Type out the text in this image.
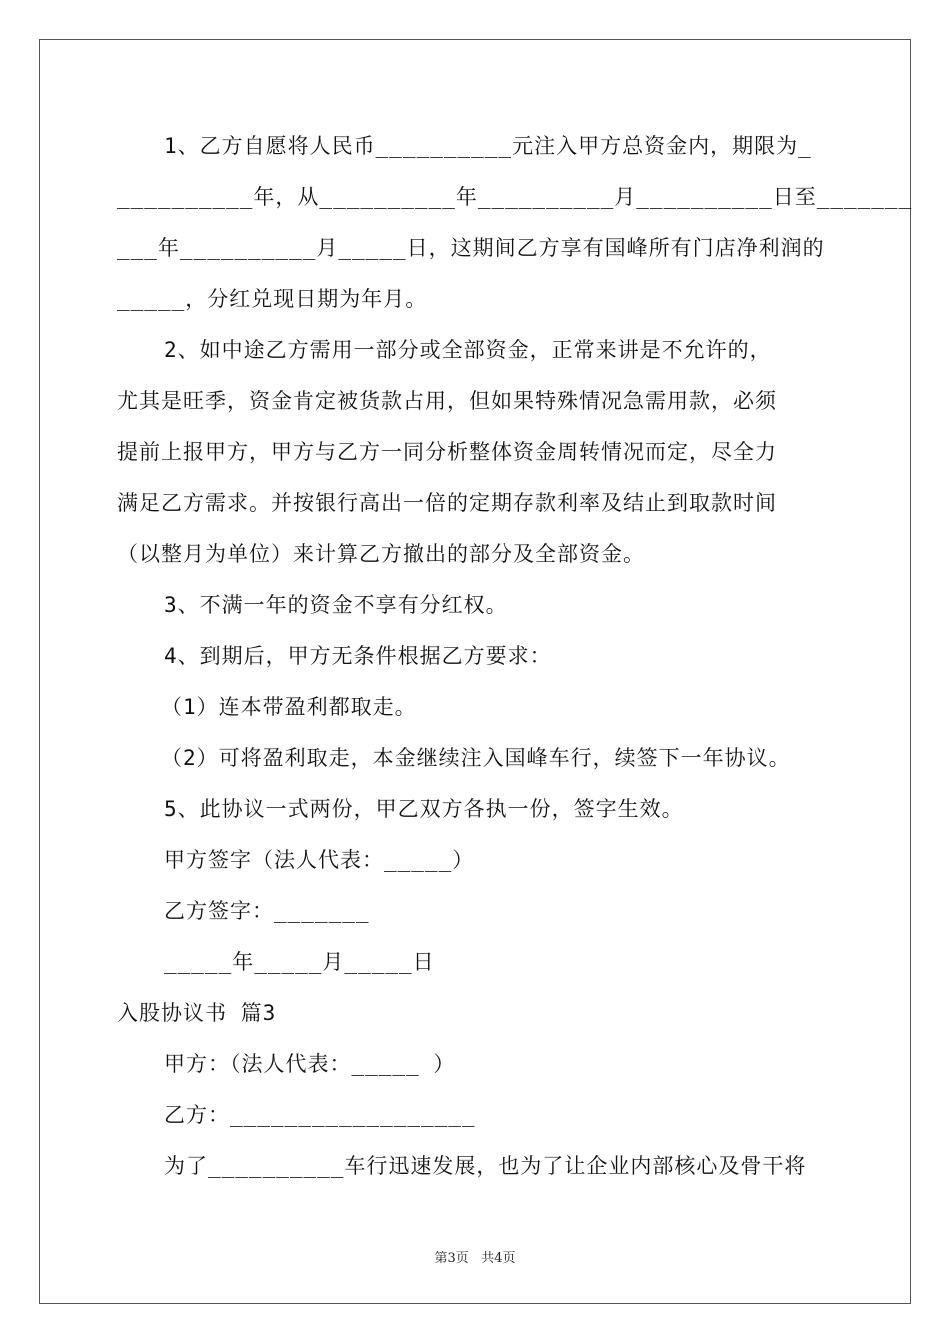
1、乙方自愿将人民币__________元注入甲方总资金内，期限为_
__________年，从__________年__________月__________日至_______
___年__________月_____日，这期间乙方享有国峰所有门店净利润的
_____，分红兑现日期为年月。
2、如中途乙方需用一部分或全部资金，正常来讲是不允许的，
尤其是旺季，资金肯定被货款占用，但如果特殊情况急需用款，必须
提前上报甲方，甲方与乙方一同分析整体资金周转情况而定，尽全力
满足乙方需求。并按银行高出一倍的定期存款利率及结止到取款时间
（以整月为单位）来计算乙方撤出的部分及全部资金。
3、不满一年的资金不享有分红权。
4、到期后，甲方无条件根据乙方要求：
（1）连本带盈利都取走。
（2）可将盈利取走，本金继续注入国峰车行，续签下一年协议。
5、此协议一式两份，甲乙双方各执一份，签字生效。
甲方签字（法人代表：_____）
乙方签字：_______
_____年_____月_____日
入股协议书 篇3
甲方：（法人代表：_____ ）
乙方：__________________
为了__________车行迅速发展，也为了让企业内部核心及骨干将
第3页 共4页
